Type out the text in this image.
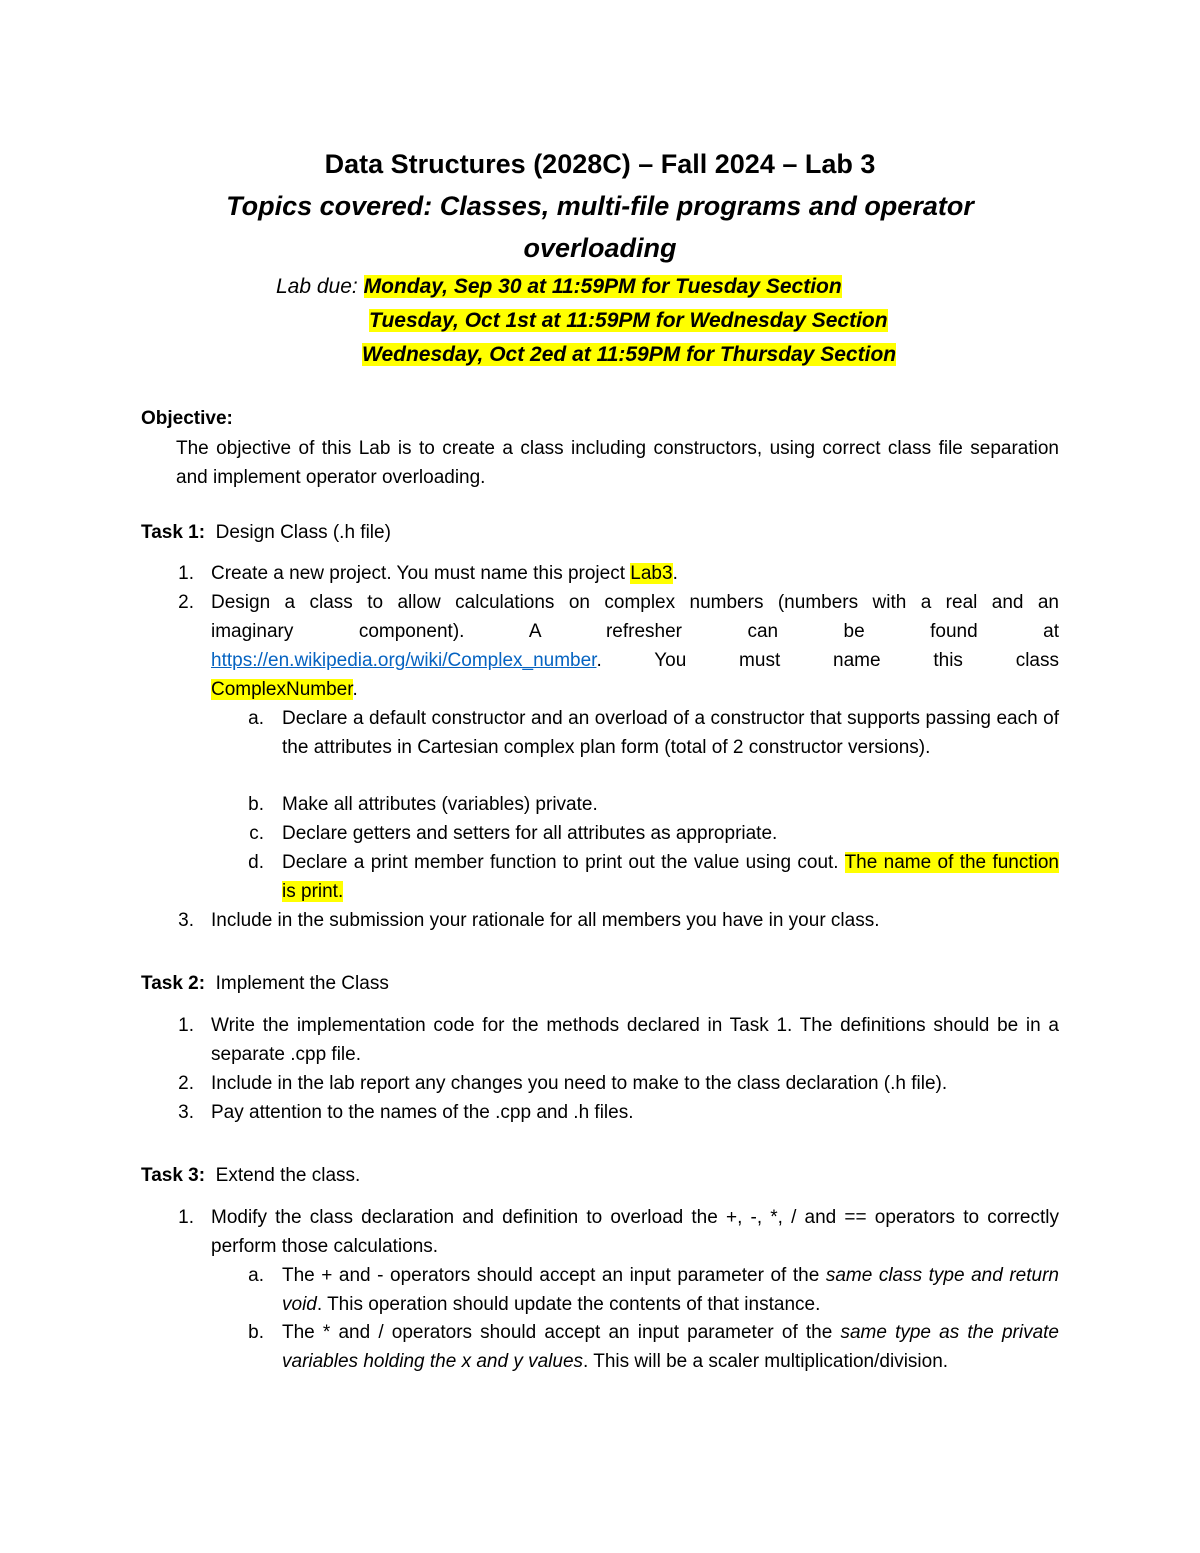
Data Structures (2028C) – Fall 2024 – Lab 3
Topics covered: Classes, multi-file programs and operator
overloading
Lab due: Monday, Sep 30 at 11:59PM for Tuesday Section
Tuesday, Oct 1st at 11:59PM for Wednesday Section
Wednesday, Oct 2ed at 11:59PM for Thursday Section
Objective:
The objective of this Lab is to create a class including constructors, using correct class file separation and implement operator overloading.
Task 1: Design Class (.h file)
1. Create a new project. You must name this project Lab3.
2. Design a class to allow calculations on complex numbers (numbers with a real and an
imaginary component). A refresher can be found at
https://en.wikipedia.org/wiki/Complex_number. You must name this class
ComplexNumber.
a. Declare a default constructor and an overload of a constructor that supports passing each of the attributes in Cartesian complex plan form (total of 2 constructor versions).
b. Make all attributes (variables) private.
c. Declare getters and setters for all attributes as appropriate.
d. Declare a print member function to print out the value using cout. The name of the function is print.
3. Include in the submission your rationale for all members you have in your class.
Task 2: Implement the Class
1. Write the implementation code for the methods declared in Task 1. The definitions should be in a separate .cpp file.
2. Include in the lab report any changes you need to make to the class declaration (.h file).
3. Pay attention to the names of the .cpp and .h files.
Task 3: Extend the class.
1. Modify the class declaration and definition to overload the +, -, *, / and == operators to correctly perform those calculations.
a. The + and - operators should accept an input parameter of the same class type and return void. This operation should update the contents of that instance.
b. The * and / operators should accept an input parameter of the same type as the private variables holding the x and y values. This will be a scaler multiplication/division.
